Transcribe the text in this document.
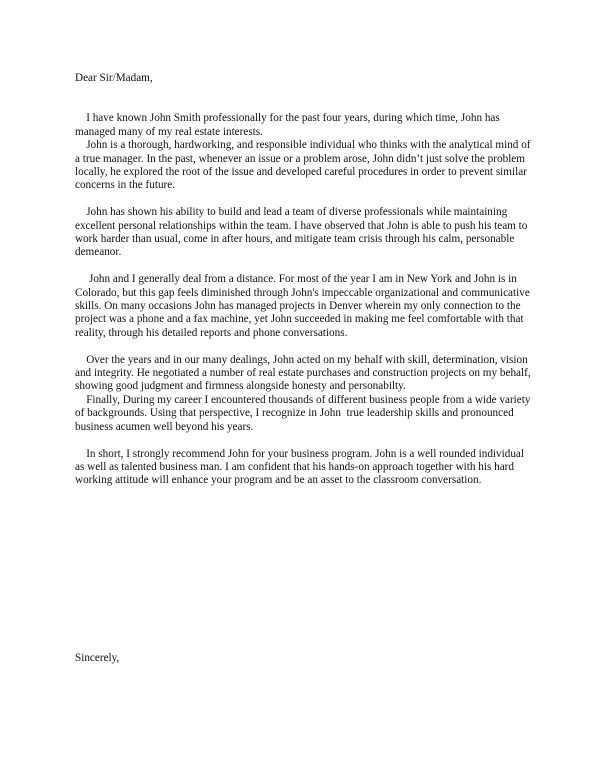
Dear Sir/Madam,

I have known John Smith professionally for the past four years, during which time, John has managed many of my real estate interests.

John is a thorough, hardworking, and responsible individual who thinks with the analytical mind of a true manager. In the past, whenever an issue or a problem arose, John didn’t just solve the problem locally, he explored the root of the issue and developed careful procedures in order to prevent similar concerns in the future.

John has shown his ability to build and lead a team of diverse professionals while maintaining excellent personal relationships within the team. I have observed that John is able to push his team to work harder than usual, come in after hours, and mitigate team crisis through his calm, personable demeanor.

John and I generally deal from a distance. For most of the year I am in New York and John is in Colorado, but this gap feels diminished through John's impeccable organizational and communicative skills. On many occasions John has managed projects in Denver wherein my only connection to the project was a phone and a fax machine, yet John succeeded in making me feel comfortable with that reality, through his detailed reports and phone conversations.

Over the years and in our many dealings, John acted on my behalf with skill, determination, vision and integrity. He negotiated a number of real estate purchases and construction projects on my behalf, showing good judgment and firmness alongside honesty and personabilty.

Finally, During my career I encountered thousands of different business people from a wide variety of backgrounds. Using that perspective, I recognize in John  true leadership skills and pronounced business acumen well beyond his years.

In short, I strongly recommend John for your business program. John is a well rounded individual as well as talented business man. I am confident that his hands-on approach together with his hard working attitude will enhance your program and be an asset to the classroom conversation.

Sincerely,
